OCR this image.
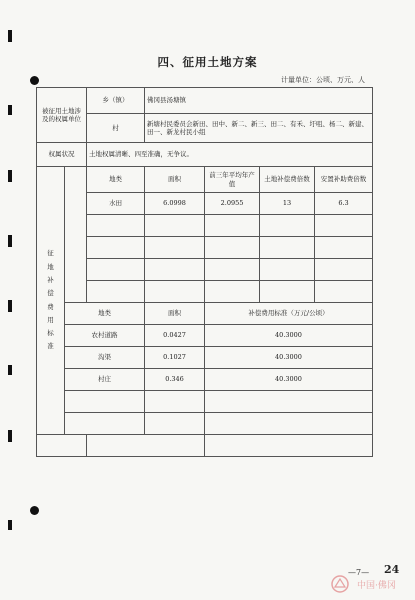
四、征用土地方案
计量单位：公顷、万元、人
被征用土地涉及的权属单位		乡（镇）	佛冈县汤塘镇			
		村	新塘村民委员会新田、田中、新二、新三、田二、有禾、圩咀、杨二、新建、田一、新龙村民小组			
权属状况		土地权属清晰、四至准确，无争议。				
征地补偿费用标准		地类	面积	前三年平均年产值	土地补偿费倍数	安置补助费倍数
		水田	6.0998	2.0955	13	6.3

	地类		面积	补偿费用标准（万元/公顷）		
	农村道路		0.0427	40.3000		
	沟渠		0.1027	40.3000		
	村庄		0.346	40.3000		

—7— 24
中国·佛冈
